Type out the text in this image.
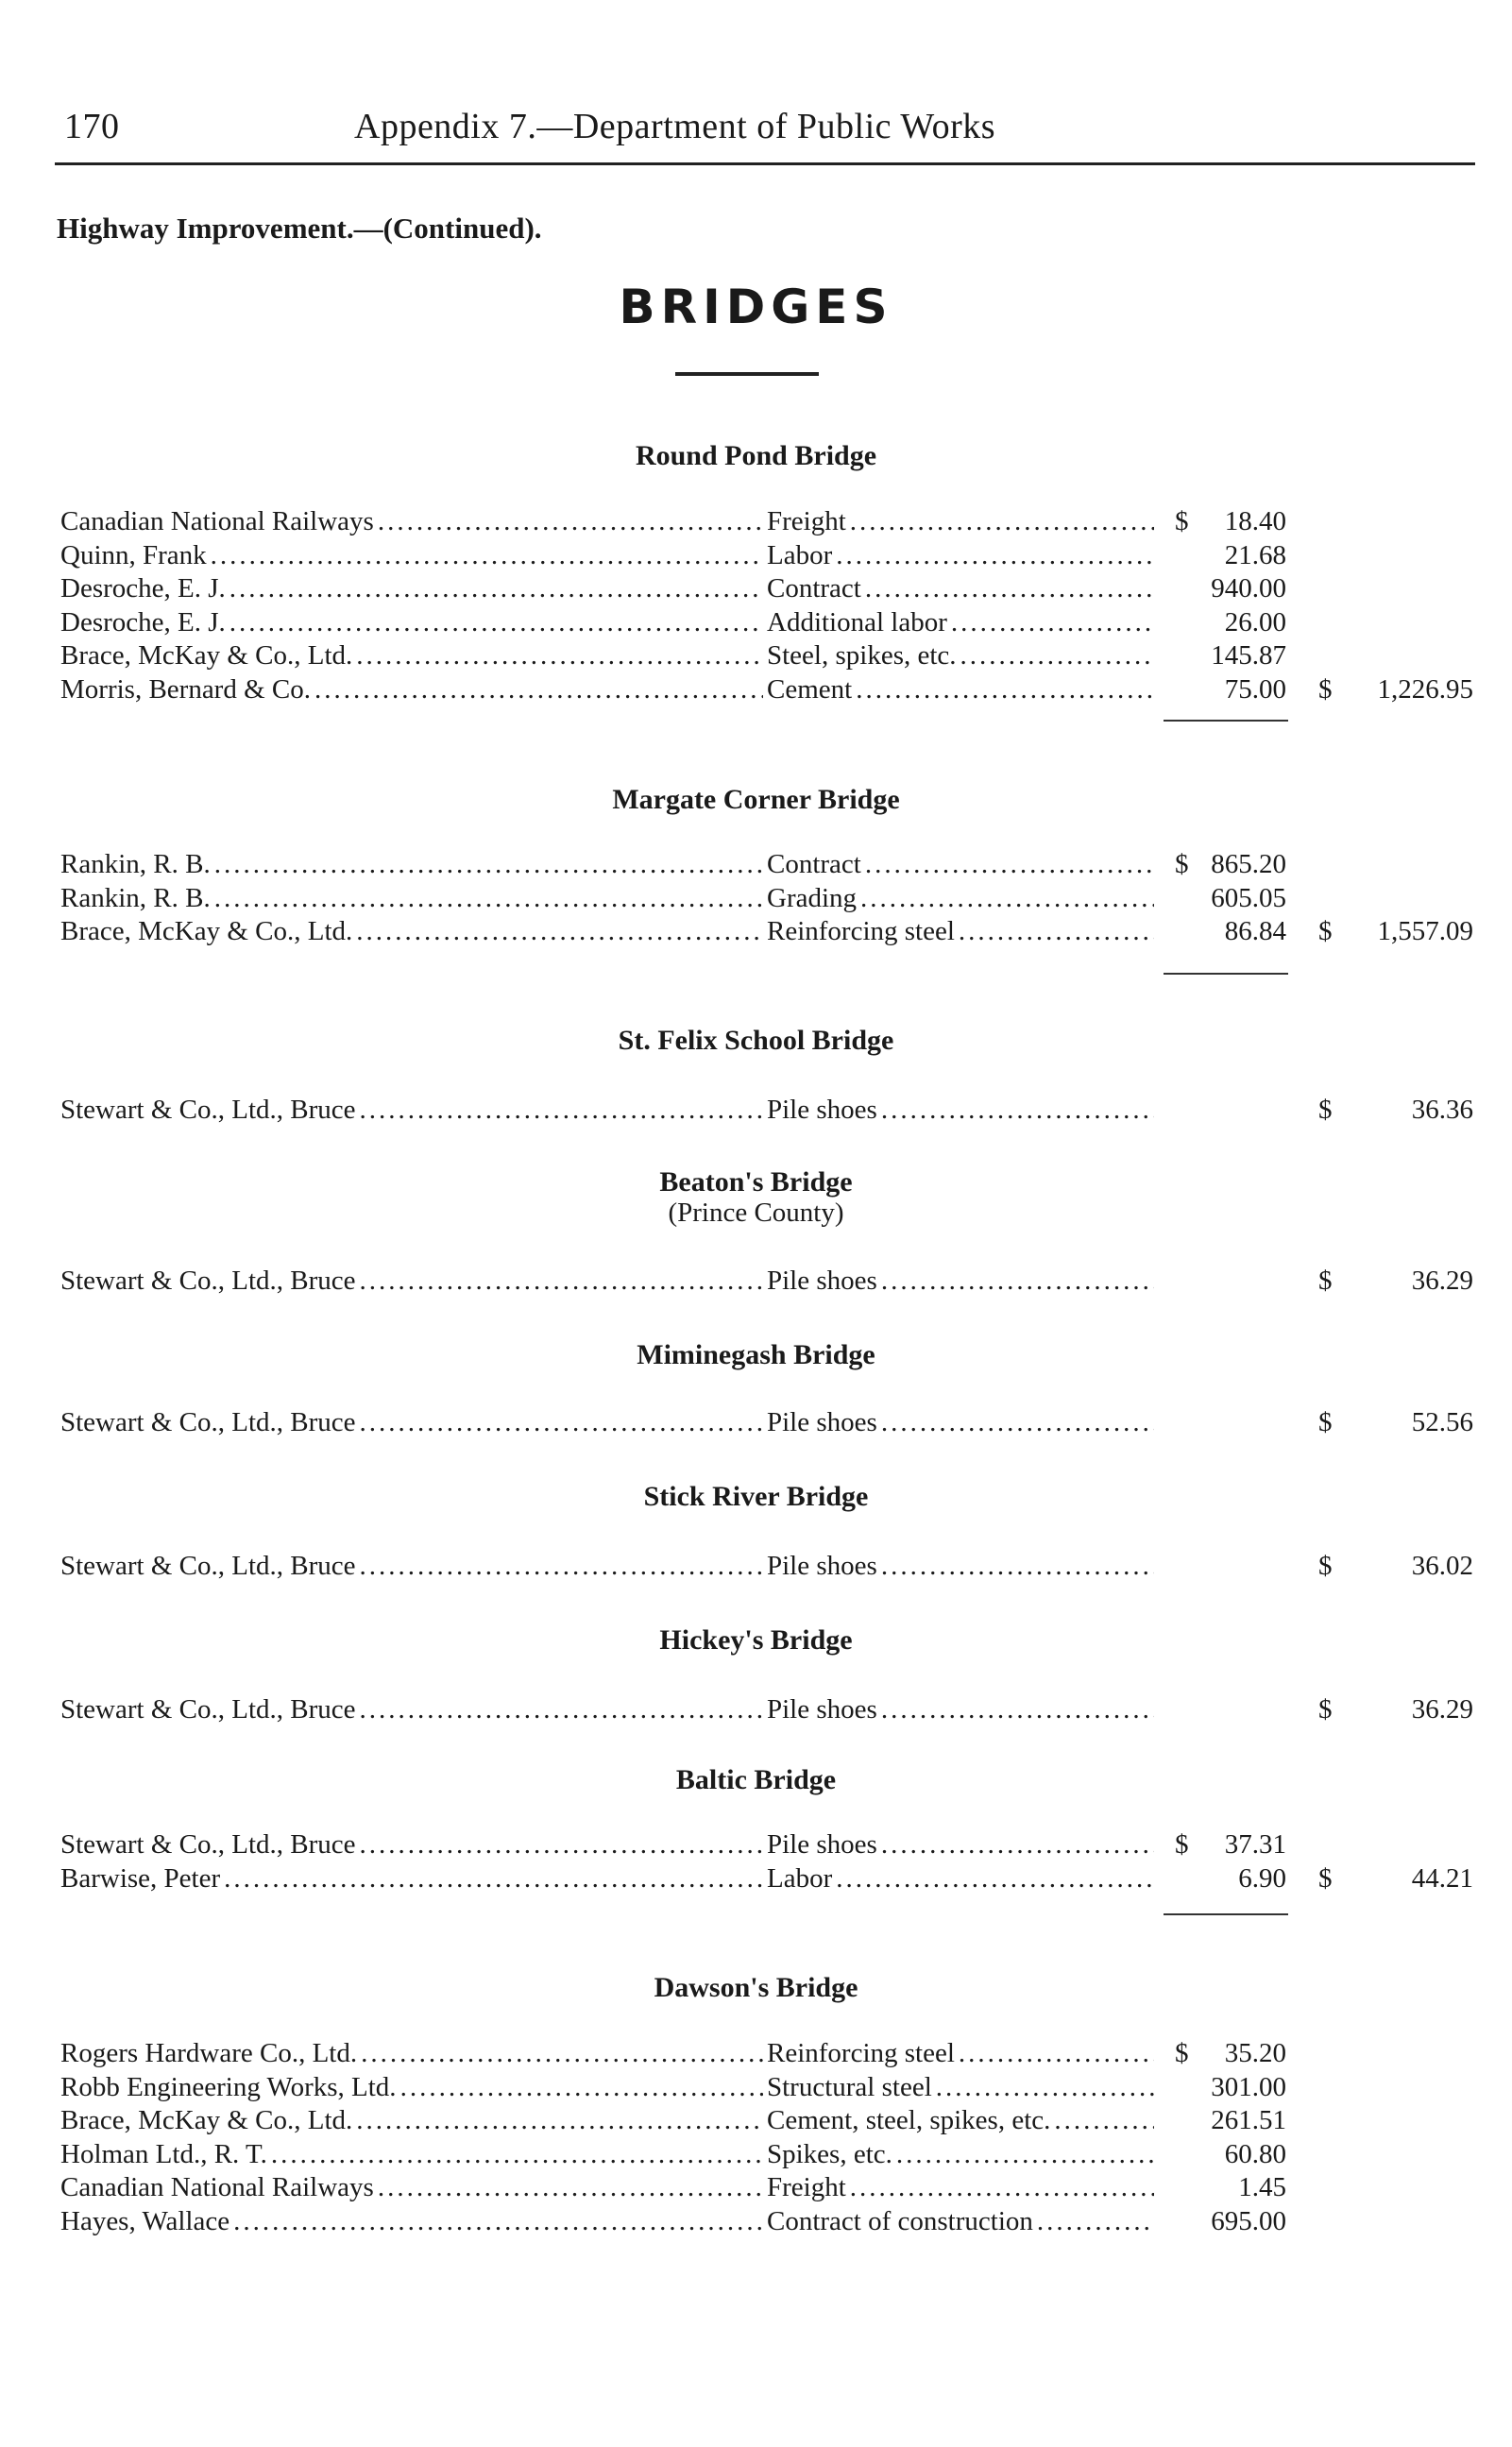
170	Appendix 7.—Department of Public Works
Highway Improvement.—(Continued).
BRIDGES
Round Pond Bridge
Canadian National Railways .....	Freight .....	$	18.40
Quinn, Frank .....	Labor .....	21.68
Desroche, E. J. .....	Contract .....	940.00
Desroche, E. J. .....	Additional labor .....	26.00
Brace, McKay & Co., Ltd. .....	Steel, spikes, etc. .....	145.87
Morris, Bernard & Co. .....	Cement .....	75.00 $	1,226.95
Margate Corner Bridge
Rankin, R. B. .....	Contract .....	$ 865.20
Rankin, R. B. .....	Grading .....	605.05
Brace, McKay & Co., Ltd. .....	Reinforcing steel .....	86.84 $	1,557.09
St. Felix School Bridge
Stewart & Co., Ltd., Bruce .....	Pile shoes .....	$	36.36
Beaton's Bridge
(Prince County)
Stewart & Co., Ltd., Bruce .....	Pile shoes .....	$	36.29
Miminegash Bridge
Stewart & Co., Ltd., Bruce .....	Pile shoes .....	$	52.56
Stick River Bridge
Stewart & Co., Ltd., Bruce .....	Pile shoes .....	$	36.02
Hickey's Bridge
Stewart & Co., Ltd., Bruce .....	Pile shoes .....	$	36.29
Baltic Bridge
Stewart & Co., Ltd., Bruce .....	Pile shoes .....	$	37.31
Barwise, Peter .....	Labor .....	6.90 $	44.21
Dawson's Bridge
Rogers Hardware Co., Ltd. .....	Reinforcing steel .....	$	35.20
Robb Engineering Works, Ltd. .....	Structural steel .....	301.00
Brace, McKay & Co., Ltd. .....	Cement, steel, spikes, etc. .....	261.51
Holman Ltd., R. T. .....	Spikes, etc. .....	60.80
Canadian National Railways .....	Freight .....	1.45
Hayes, Wallace .....	Contract of construction .....	695.00
